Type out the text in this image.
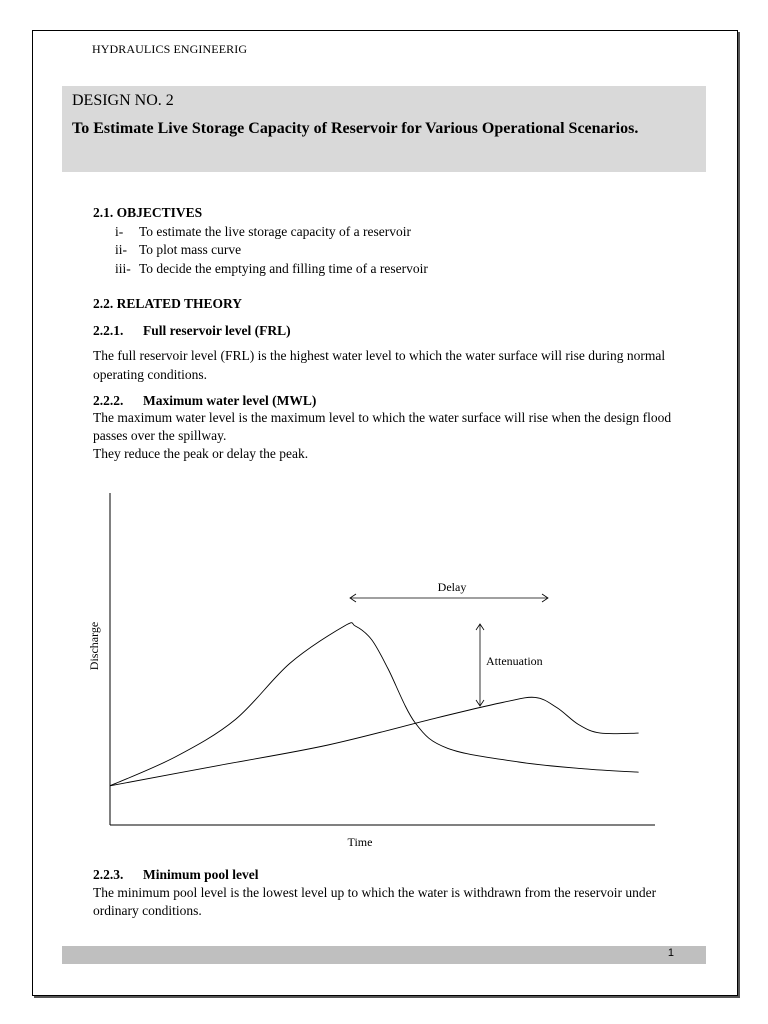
HYDRAULICS ENGINEERIG
DESIGN NO. 2
To Estimate Live Storage Capacity of Reservoir for Various Operational Scenarios.
2.1. OBJECTIVES
i- To estimate the live storage capacity of a reservoir
ii- To plot mass curve
iii- To decide the emptying and filling time of a reservoir
2.2. RELATED THEORY
2.2.1. Full reservoir level (FRL)
The full reservoir level (FRL) is the highest water level to which the water surface will rise during normal operating conditions.
2.2.2. Maximum water level (MWL)
The maximum water level is the maximum level to which the water surface will rise when the design flood passes over the spillway.
They reduce the peak or delay the peak.
Discharge
Time
Delay
Attenuation
2.2.3. Minimum pool level
The minimum pool level is the lowest level up to which the water is withdrawn from the reservoir under ordinary conditions.
1
